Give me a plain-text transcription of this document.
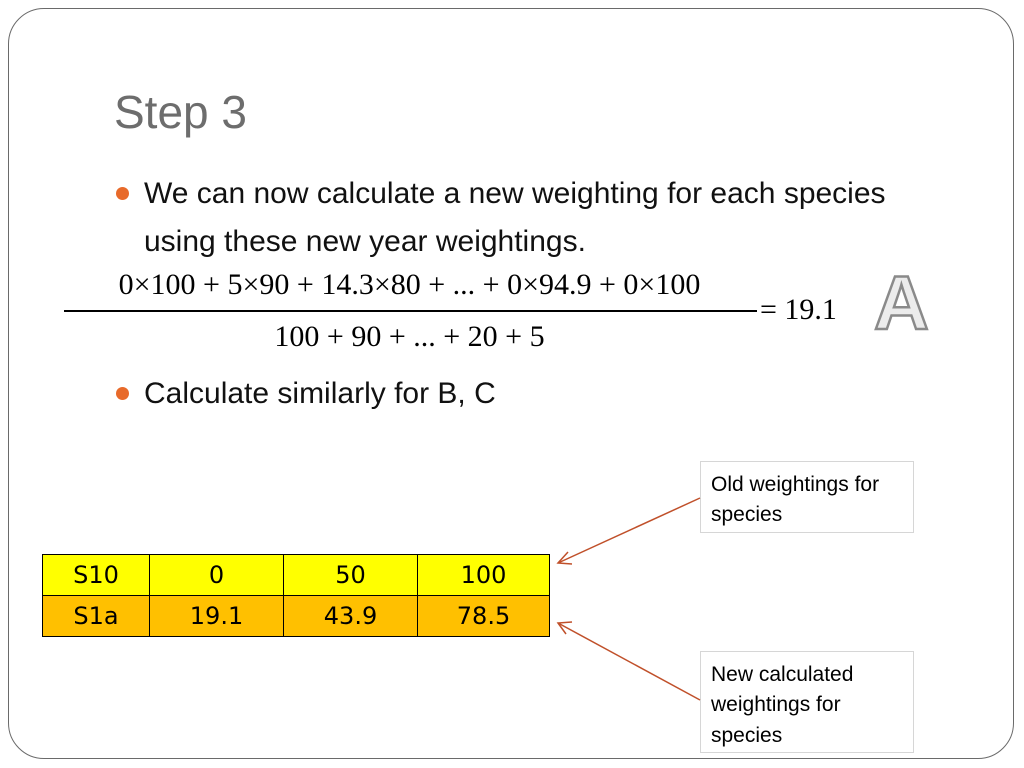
Step 3
We can now calculate a new weighting for each species using these new year weightings.
0×100 + 5×90 + 14.3×80 + ... + 0×94.9 + 0×100
100 + 90 + ... + 20 + 5
= 19.1 A
Calculate similarly for B, C
S10	0	50	100
S1a	19.1	43.9	78.5
Old weightings for species
New calculated weightings for species
